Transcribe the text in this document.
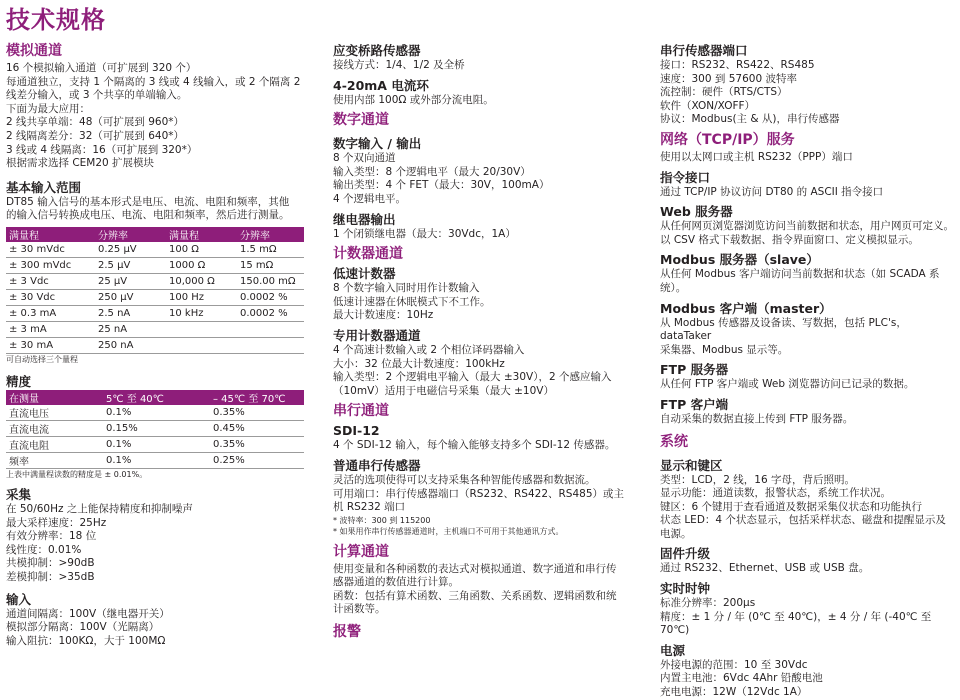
技术规格
模拟通道
16 个模拟输入通道（可扩展到 320 个）
每通道独立，支持 1 个隔离的 3 线或 4 线输入，或 2 个隔离 2
线差分输入，或 3 个共享的单端输入。
下面为最大应用：
2 线共享单端：48（可扩展到 960*）
2 线隔离差分：32（可扩展到 640*）
3 线或 4 线隔离：16（可扩展到 320*）
根据需求选择 CEM20 扩展模块
基本输入范围
DT85 输入信号的基本形式是电压、电流、电阻和频率，其他
的输入信号转换成电压、电流、电阻和频率，然后进行测量。
满量程	分辨率	满量程	分辨率
± 30 mVdc	0.25 μV	100 Ω	1.5 mΩ
± 300 mVdc	2.5 μV	1000 Ω	15 mΩ
± 3 Vdc	25 μV	10,000 Ω	150.00 mΩ
± 30 Vdc	250 μV	100 Hz	0.0002 %
± 0.3 mA	2.5 nA	10 kHz	0.0002 %
± 3 mA	25 nA		
± 30 mA	250 nA		
可自动选择三个量程
精度
在测量	5℃ 至 40℃	– 45℃ 至 70℃
直流电压	0.1%	0.35%
直流电流	0.15%	0.45%
直流电阻	0.1%	0.35%
频率	0.1%	0.25%
上表中满量程读数的精度是 ± 0.01%。
采集
在 50/60Hz 之上能保持精度和抑制噪声
最大采样速度：25Hz
有效分辨率：18 位
线性度：0.01%
共模抑制：>90dB
差模抑制：>35dB
输入
通道间隔离：100V（继电器开关）
模拟部分隔离：100V（光隔离）
输入阻抗：100KΩ，大于 100MΩ
应变桥路传感器
接线方式：1/4、1/2 及全桥
4-20mA 电流环
使用内部 100Ω 或外部分流电阻。
数字通道
数字输入 / 输出
8 个双向通道
输入类型：8 个逻辑电平（最大 20/30V）
输出类型：4 个 FET（最大：30V，100mA）
4 个逻辑电平。
继电器输出
1 个闭锁继电器（最大：30Vdc，1A）
计数器通道
低速计数器
8 个数字输入同时用作计数输入
低速计速器在休眠模式下不工作。
最大计数速度：10Hz
专用计数器通道
4 个高速计数输入或 2 个相位译码器输入
大小：32 位最大计数速度：100kHz
输入类型：2 个逻辑电平输入（最大 ±30V），2 个感应输入
（10mV）适用于电磁信号采集（最大 ±10V）
串行通道
SDI-12
4 个 SDI-12 输入，每个输入能够支持多个 SDI-12 传感器。
普通串行传感器
灵活的选项使得可以支持采集各种智能传感器和数据流。
可用端口：串行传感器端口（RS232、RS422、RS485）或主
机 RS232 端口
* 波特率：300 到 115200
* 如果用作串行传感器通道时，主机端口不可用于其他通讯方式。
计算通道
使用变量和各种函数的表达式对模拟通道、数字通道和串行传
感器通道的数值进行计算。
函数：包括有算术函数、三角函数、关系函数、逻辑函数和统
计函数等。
报警
串行传感器端口
接口：RS232、RS422、RS485
速度：300 到 57600 波特率
流控制：硬件（RTS/CTS）
软件（XON/XOFF）
协议：Modbus(主 & 从)，串行传感器
网络（TCP/IP）服务
使用以太网口或主机 RS232（PPP）端口
指令接口
通过 TCP/IP 协议访问 DT80 的 ASCII 指令接口
Web 服务器
从任何网页浏览器浏览访问当前数据和状态，用户网页可定义。
以 CSV 格式下载数据、指令界面窗口、定义模拟显示。
Modbus 服务器（slave）
从任何 Modbus 客户端访问当前数据和状态（如 SCADA 系统）。
Modbus 客户端（master）
从 Modbus 传感器及设备读、写数据，包括 PLC's，dataTaker
采集器、Modbus 显示等。
FTP 服务器
从任何 FTP 客户端或 Web 浏览器访问已记录的数据。
FTP 客户端
自动采集的数据直接上传到 FTP 服务器。
系统
显示和键区
类型：LCD，2 线，16 字母，背后照明。
显示功能：通道读数，报警状态，系统工作状况。
键区：6 个键用于查看通道及数据采集仪状态和功能执行
状态 LED：4 个状态显示，包括采样状态、磁盘和提醒显示及
电源。
固件升级
通过 RS232、Ethernet、USB 或 USB 盘。
实时时钟
标准分辨率：200μs
精度：± 1 分 / 年 (0℃ 至 40℃)，± 4 分 / 年 (-40℃ 至 70℃)
电源
外接电源的范围：10 至 30Vdc
内置主电池：6Vdc 4Ahr 铅酸电池
充电电源：12W（12Vdc 1A）
